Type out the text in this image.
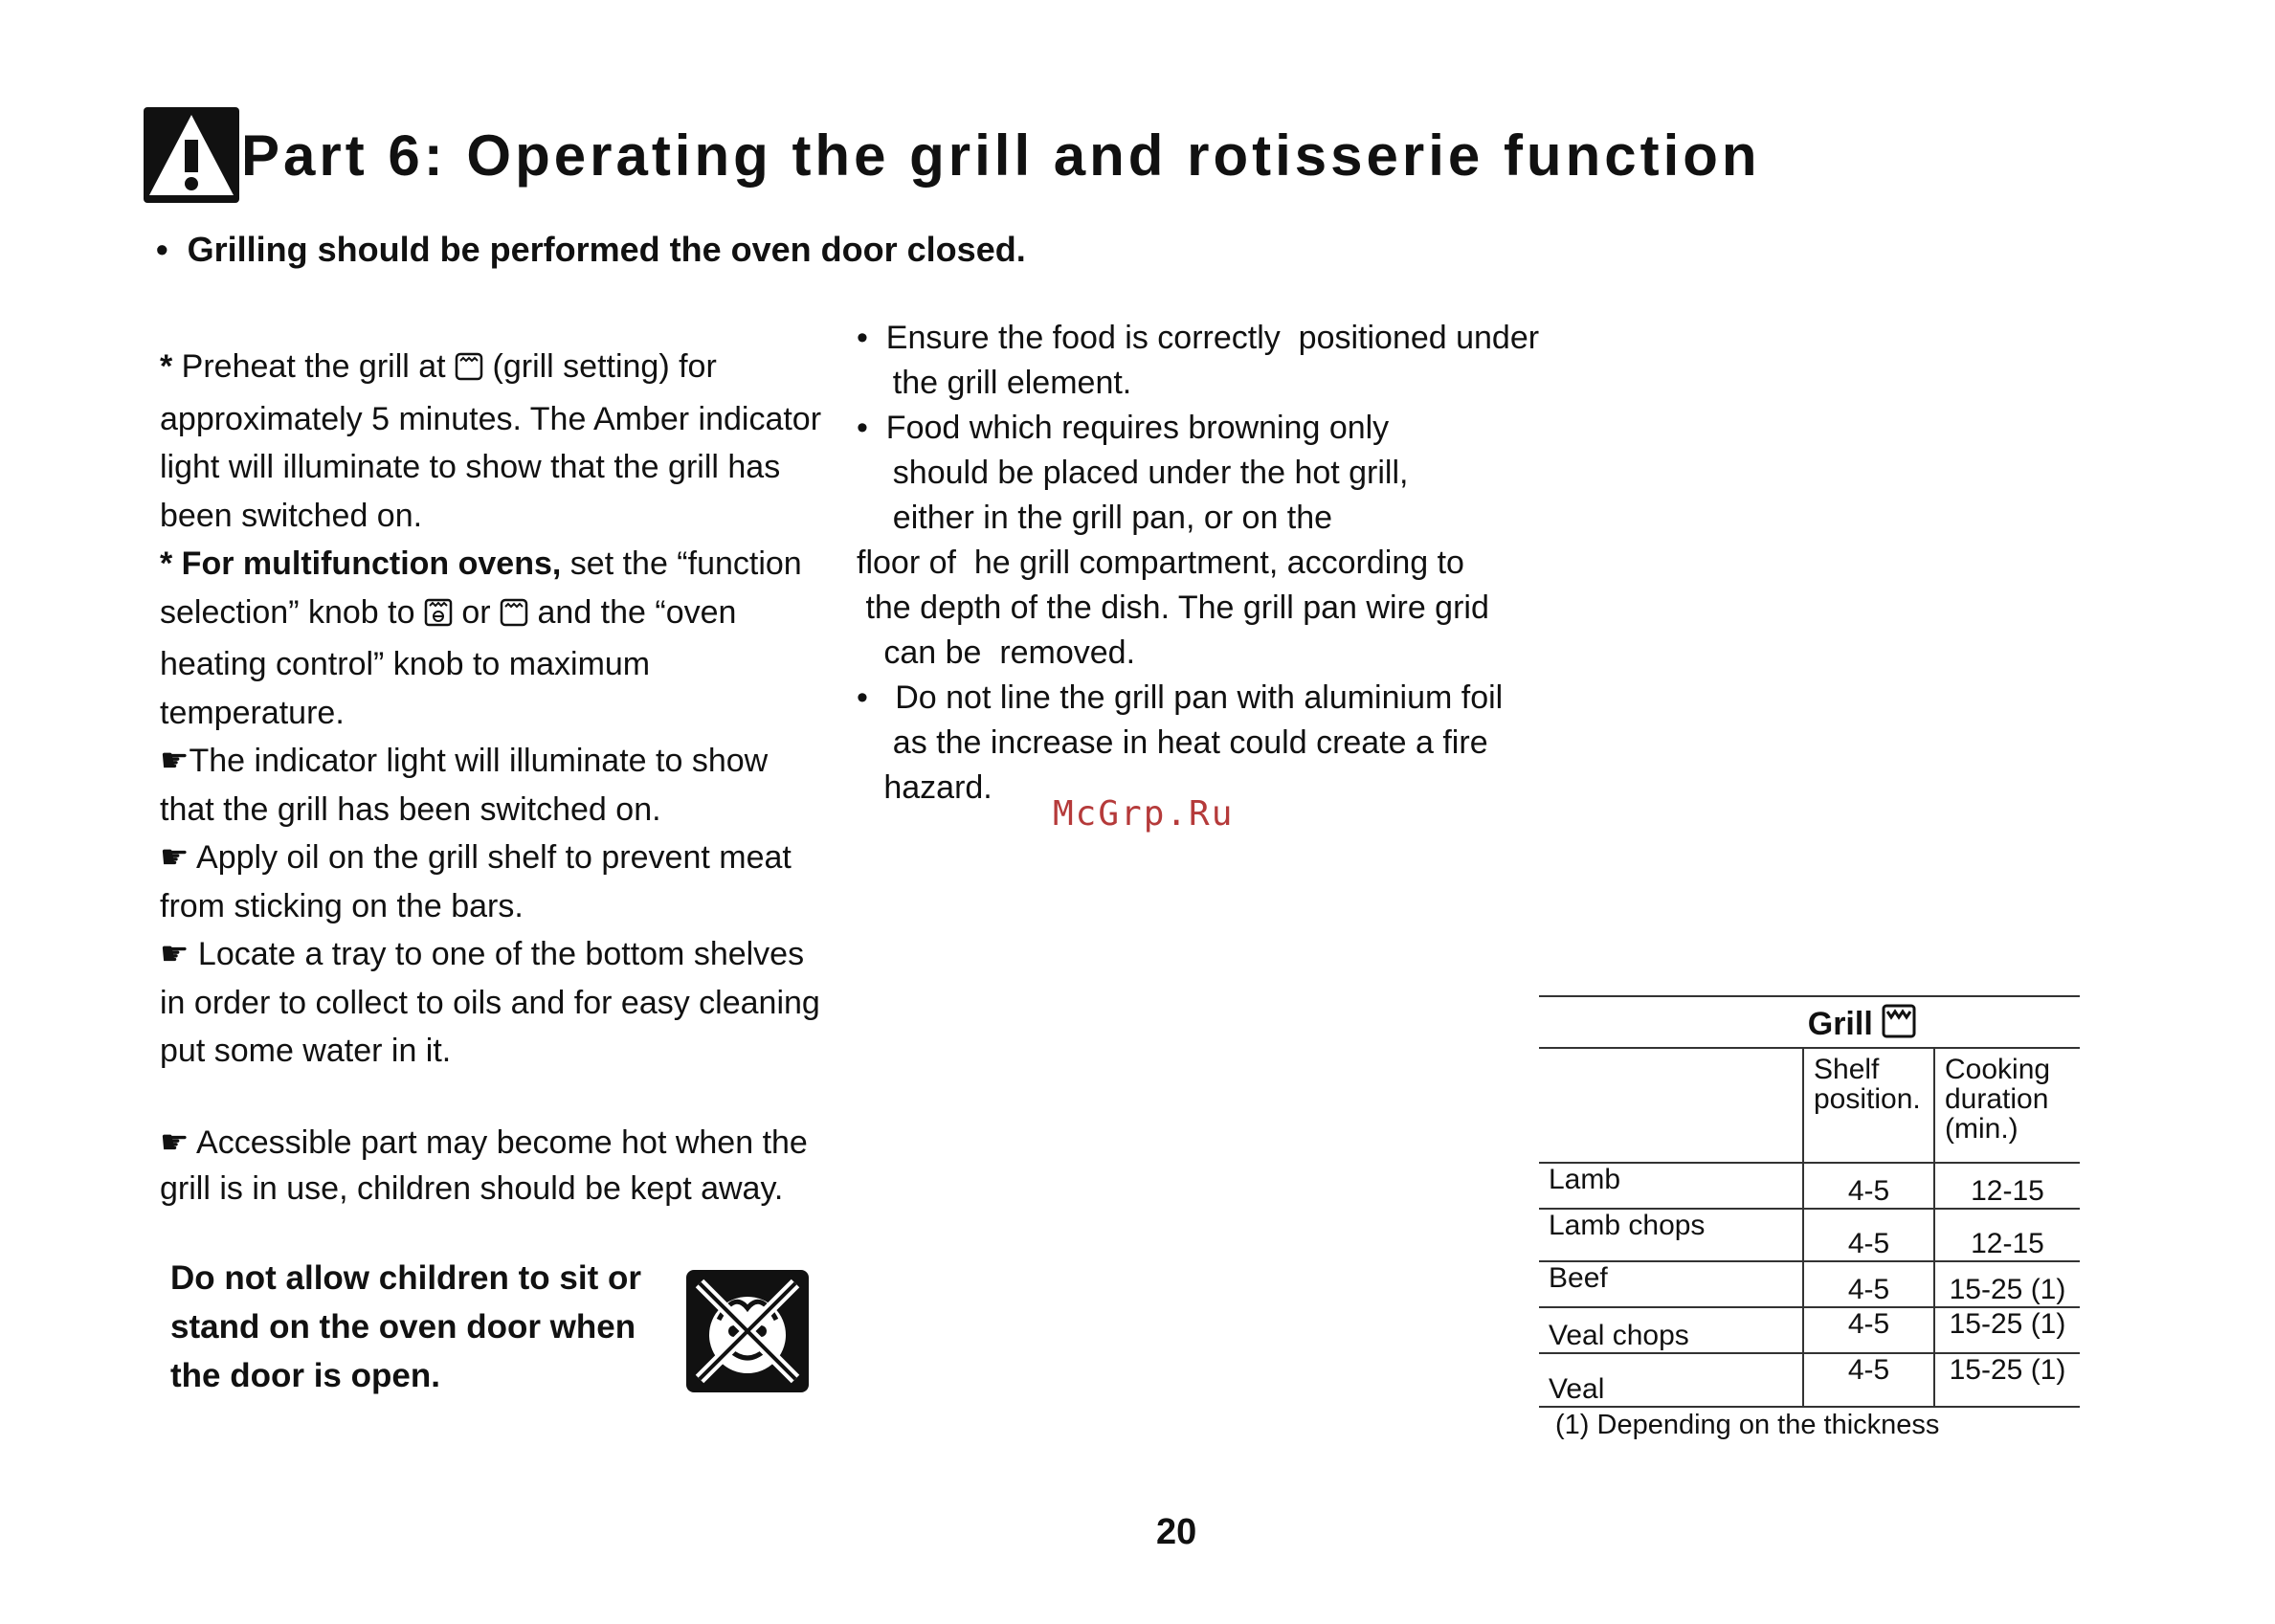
Part 6: Operating the grill and rotisserie function
•  Grilling should be performed the oven door closed.

* Preheat the grill at  (grill setting) for approximately 5 minutes. The Amber indicator light will illuminate to show that the grill has been switched on.

* For multifunction ovens, set the “function selection” knob to  or  and the “oven heating control” knob to maximum temperature.

☛The indicator light will illuminate to show that the grill has been switched on.

☛ Apply oil on the grill shelf to prevent meat from sticking on the bars.

☛ Locate a tray to one of the bottom shelves in order to collect to oils and for easy cleaning put some water in it.

☛ Accessible part may become hot when the grill is in use, children should be kept away.

•  Ensure the food is correctly  positioned under
the grill element.
•  Food which requires browning only
should be placed under the hot grill,
either in the grill pan, or on the
floor of  he grill compartment, according to
the depth of the dish. The grill pan wire grid
can be  removed.
•   Do not line the grill pan with aluminium foil
as the increase in heat could create a fire
hazard.
McGrp.Ru
Do not allow children to sit or stand on the oven door when the door is open.
Grill		
	Shelf position.	Cooking duration (min.)
Lamb	4-5	12-15
Lamb chops	4-5	12-15
Beef	4-5	15-25 (1)
Veal chops	4-5	15-25 (1)
Veal	4-5	15-25 (1)
(1) Depending on the thickness
20
